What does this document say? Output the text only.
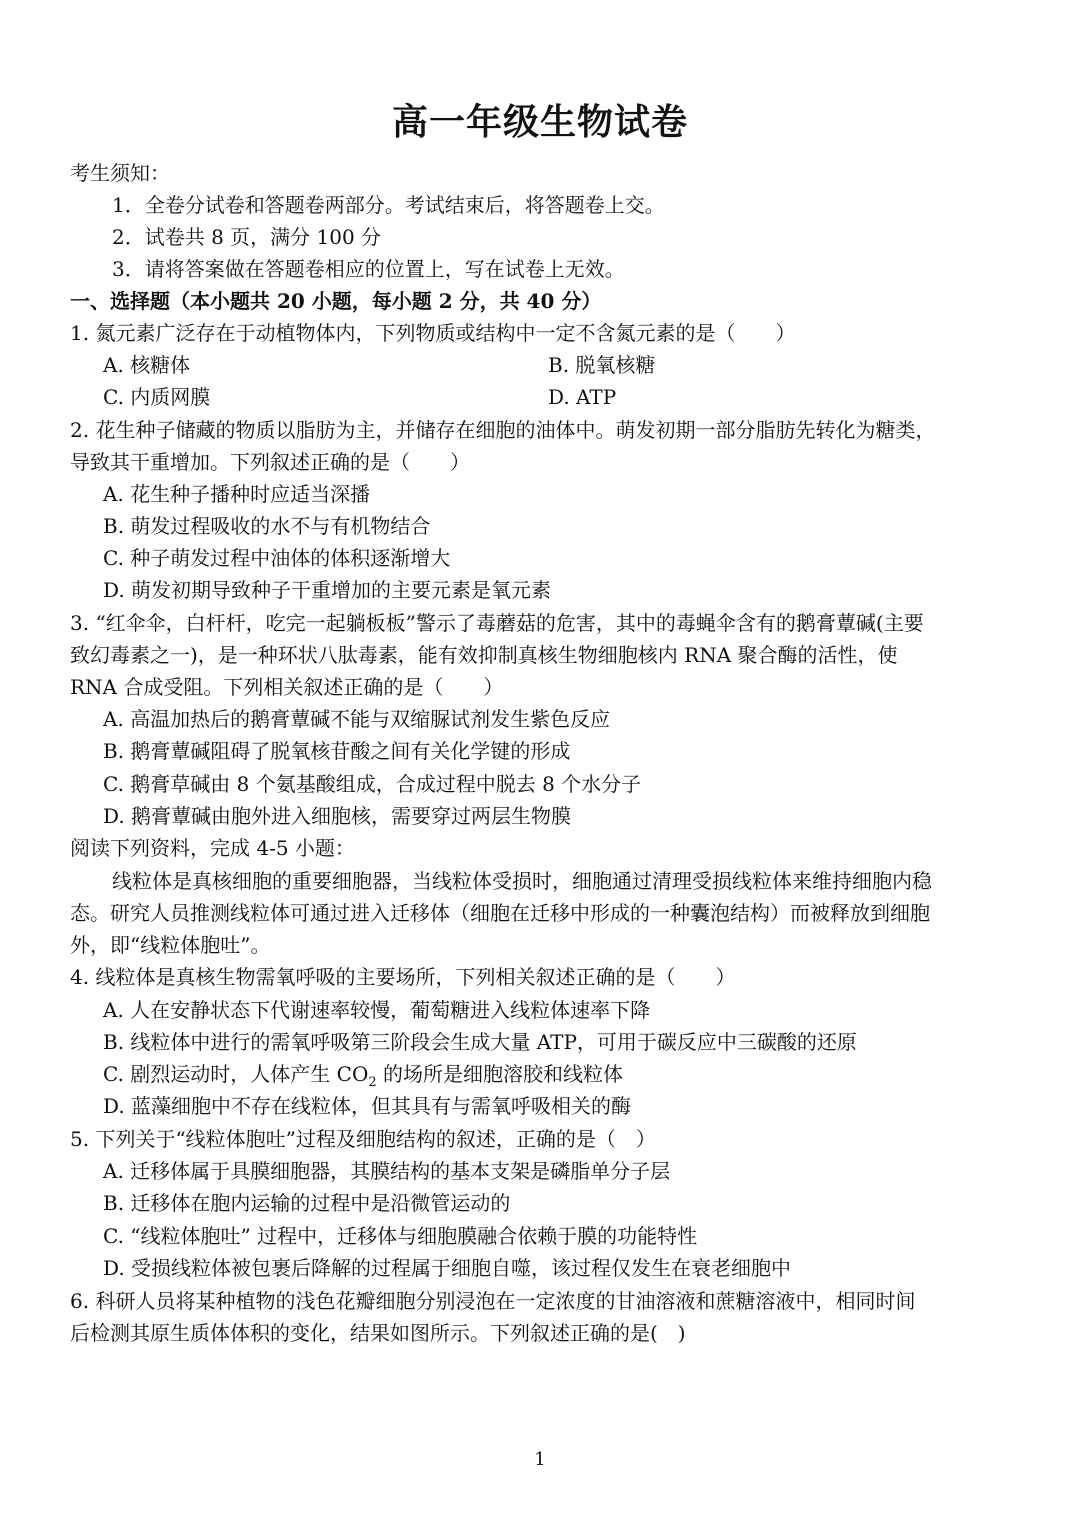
高一年级生物试卷
考生须知：
1．全卷分试卷和答题卷两部分。考试结束后，将答题卷上交。
2．试卷共 8 页，满分 100 分
3．请将答案做在答题卷相应的位置上，写在试卷上无效。
一、选择题（本小题共 20 小题，每小题 2 分，共 40 分）
1. 氮元素广泛存在于动植物体内，下列物质或结构中一定不含氮元素的是（　　）
A. 核糖体	B. 脱氧核糖
C. 内质网膜	D. ATP
2. 花生种子储藏的物质以脂肪为主，并储存在细胞的油体中。萌发初期一部分脂肪先转化为糖类，
导致其干重增加。下列叙述正确的是（　　）
A. 花生种子播种时应适当深播
B. 萌发过程吸收的水不与有机物结合
C. 种子萌发过程中油体的体积逐渐增大
D. 萌发初期导致种子干重增加的主要元素是氧元素
3. “红伞伞，白杆杆，吃完一起躺板板”警示了毒蘑菇的危害，其中的毒蝇伞含有的鹅膏蕈碱(主要
致幻毒素之一)，是一种环状八肽毒素，能有效抑制真核生物细胞核内 RNA 聚合酶的活性，使
RNA 合成受阻。下列相关叙述正确的是（　　）
A. 高温加热后的鹅膏蕈碱不能与双缩脲试剂发生紫色反应
B. 鹅膏蕈碱阻碍了脱氧核苷酸之间有关化学键的形成
C. 鹅膏草碱由 8 个氨基酸组成，合成过程中脱去 8 个水分子
D. 鹅膏蕈碱由胞外进入细胞核，需要穿过两层生物膜
阅读下列资料，完成 4-5 小题：
线粒体是真核细胞的重要细胞器，当线粒体受损时，细胞通过清理受损线粒体来维持细胞内稳
态。研究人员推测线粒体可通过进入迁移体（细胞在迁移中形成的一种囊泡结构）而被释放到细胞
外，即“线粒体胞吐”。
4. 线粒体是真核生物需氧呼吸的主要场所，下列相关叙述正确的是（　　）
A. 人在安静状态下代谢速率较慢，葡萄糖进入线粒体速率下降
B. 线粒体中进行的需氧呼吸第三阶段会生成大量 ATP，可用于碳反应中三碳酸的还原
C. 剧烈运动时，人体产生 $CO_2$ 的场所是细胞溶胶和线粒体
D. 蓝藻细胞中不存在线粒体，但其具有与需氧呼吸相关的酶
5. 下列关于“线粒体胞吐”过程及细胞结构的叙述，正确的是（　）
A. 迁移体属于具膜细胞器，其膜结构的基本支架是磷脂单分子层
B. 迁移体在胞内运输的过程中是沿微管运动的
C. “线粒体胞吐” 过程中，迁移体与细胞膜融合依赖于膜的功能特性
D. 受损线粒体被包裹后降解的过程属于细胞自噬，该过程仅发生在衰老细胞中
6. 科研人员将某种植物的浅色花瓣细胞分别浸泡在一定浓度的甘油溶液和蔗糖溶液中，相同时间
后检测其原生质体体积的变化，结果如图所示。下列叙述正确的是(　)
1
